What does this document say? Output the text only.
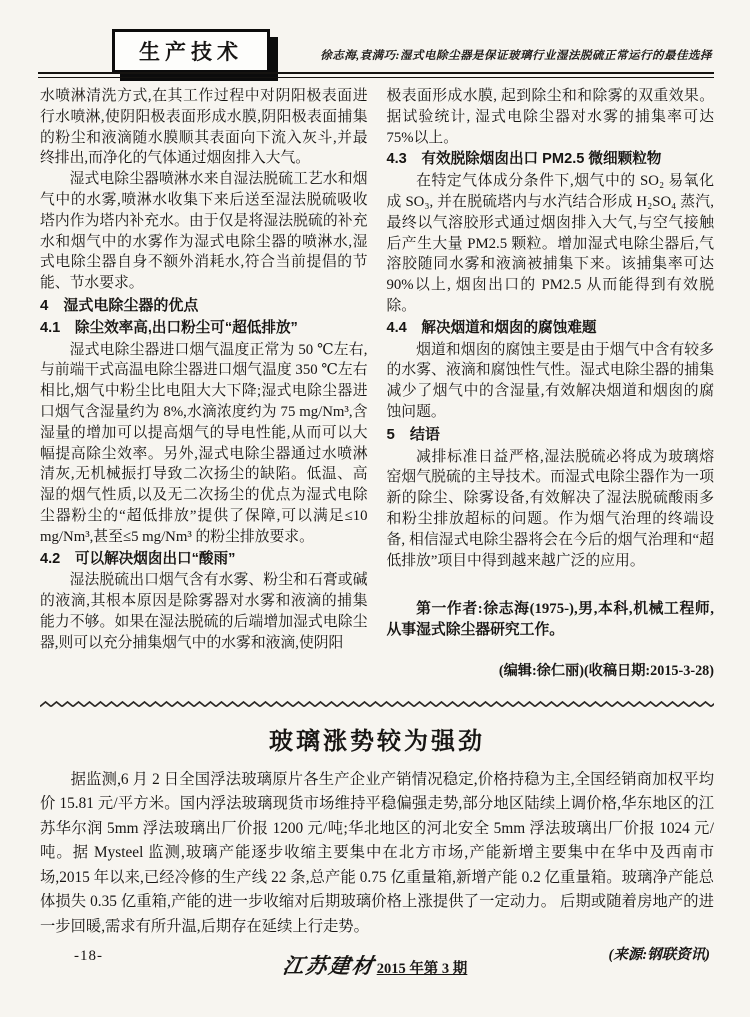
生产技术	徐志海,袁满巧:湿式电除尘器是保证玻璃行业湿法脱硫正常运行的最佳选择
水喷淋清洗方式,在其工作过程中对阴阳极表面进行水喷淋,使阴阳极表面形成水膜,阴阳极表面捕集的粉尘和液滴随水膜顺其表面向下流入灰斗,并最终排出,而净化的气体通过烟囱排入大气。
湿式电除尘器喷淋水来自湿法脱硫工艺水和烟气中的水雾,喷淋水收集下来后送至湿法脱硫吸收塔内作为塔内补充水。由于仅是将湿法脱硫的补充水和烟气中的水雾作为湿式电除尘器的喷淋水,湿式电除尘器自身不额外消耗水,符合当前提倡的节能、节水要求。
4　湿式电除尘器的优点
4.1　除尘效率高,出口粉尘可“超低排放”
湿式电除尘器进口烟气温度正常为 50 ℃左右,与前端干式高温电除尘器进口烟气温度 350 ℃左右相比,烟气中粉尘比电阻大大下降;湿式电除尘器进口烟气含湿量约为 8%,水滴浓度约为 75 mg/Nm³,含湿量的增加可以提高烟气的导电性能,从而可以大幅提高除尘效率。另外,湿式电除尘器通过水喷淋清灰,无机械振打导致二次扬尘的缺陷。低温、高湿的烟气性质,以及无二次扬尘的优点为湿式电除尘器粉尘的“超低排放”提供了保障,可以满足≤10 mg/Nm³,甚至≤5 mg/Nm³ 的粉尘排放要求。
4.2　可以解决烟囱出口“酸雨”
湿法脱硫出口烟气含有水雾、粉尘和石膏或碱的液滴,其根本原因是除雾器对水雾和液滴的捕集能力不够。如果在湿法脱硫的后端增加湿式电除尘器,则可以充分捕集烟气中的水雾和液滴,使阴阳
极表面形成水膜, 起到除尘和和除雾的双重效果。据试验统计, 湿式电除尘器对水雾的捕集率可达 75%以上。
4.3　有效脱除烟囱出口 PM2.5 微细颗粒物
在特定气体成分条件下,烟气中的 SO₂ 易氧化成 SO₃, 并在脱硫塔内与水汽结合形成 H₂SO₄ 蒸汽,最终以气溶胶形式通过烟囱排入大气,与空气接触后产生大量 PM2.5 颗粒。增加湿式电除尘器后,气溶胶随同水雾和液滴被捕集下来。该捕集率可达 90%以上, 烟囱出口的 PM2.5 从而能得到有效脱除。
4.4　解决烟道和烟囱的腐蚀难题
烟道和烟囱的腐蚀主要是由于烟气中含有较多的水雾、液滴和腐蚀性气性。湿式电除尘器的捕集减少了烟气中的含湿量,有效解决烟道和烟囱的腐蚀问题。
5　结语
减排标准日益严格,湿法脱硫必将成为玻璃熔窑烟气脱硫的主导技术。而湿式电除尘器作为一项新的除尘、除雾设备,有效解决了湿法脱硫酸雨多和粉尘排放超标的问题。作为烟气治理的终端设备, 相信湿式电除尘器将会在今后的烟气治理和“超低排放”项目中得到越来越广泛的应用。
第一作者:徐志海(1975-),男,本科,机械工程师,从事湿式除尘器研究工作。
(编辑:徐仁丽)(收稿日期:2015-3-28)
玻璃涨势较为强劲
据监测,6 月 2 日全国浮法玻璃原片各生产企业产销情况稳定,价格持稳为主,全国经销商加权平均价 15.81 元/平方米。国内浮法玻璃现货市场维持平稳偏强走势,部分地区陆续上调价格,华东地区的江苏华尔润 5mm 浮法玻璃出厂价报 1200 元/吨;华北地区的河北安全 5mm 浮法玻璃出厂价报 1024 元/吨。据 Mysteel 监测,玻璃产能逐步收缩主要集中在北方市场,产能新增主要集中在华中及西南市场,2015 年以来,已经冷修的生产线 22 条,总产能 0.75 亿重量箱,新增产能 0.2 亿重量箱。玻璃净产能总体损失 0.35 亿重箱,产能的进一步收缩对后期玻璃价格上涨提供了一定动力。 后期或随着房地产的进一步回暖,需求有所升温,后期存在延续上行走势。
(来源:钢联资讯)
-18-	江苏建材2015 年第 3 期
